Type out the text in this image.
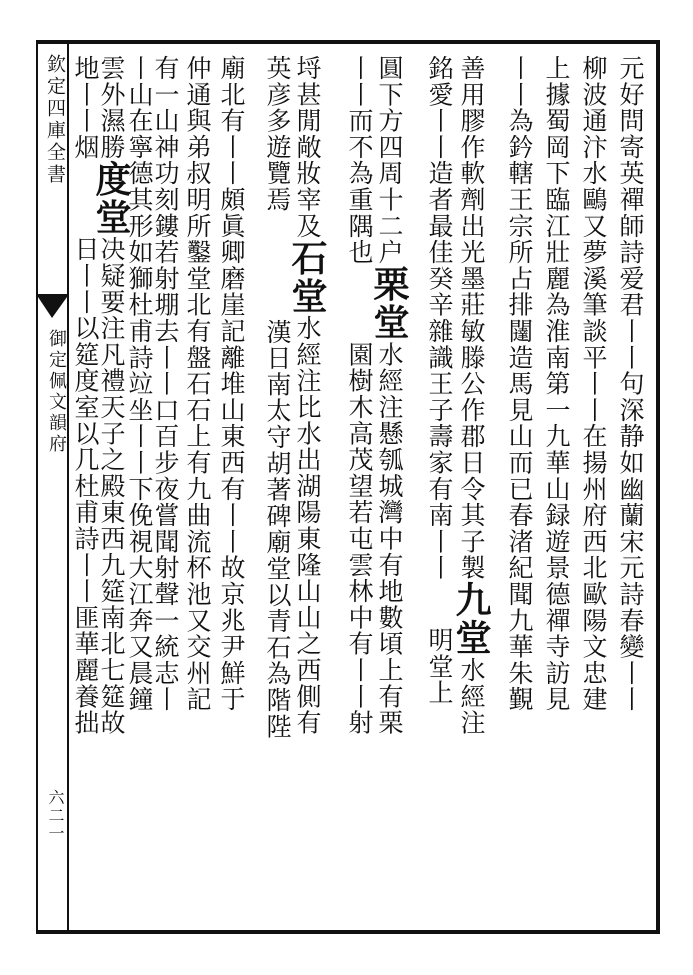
欽定四庫全書
御定佩文韻府
六二一
元好問寄英禪師詩爱君丨丨句深静如幽蘭宋元詩春變丨丨
柳波通汴水鷗又夢溪筆談平丨丨在揚州府西北歐陽文忠建
上據蜀岡下臨江壯麗為淮南第一九華山録遊景德禪寺訪見
丨丨為鈐轄王宗所占排闥造馬見山而已春渚紀聞九華朱覲
善用膠作軟劑出光墨莊敏滕公作郡日令其子製九堂水經注
銘愛丨丨造者最佳癸辛雜識王子壽家有南丨丨明堂上
圓下方四周十二户栗堂水經注懸瓠城灣中有地數頃上有栗
丨丨而不為重隅也園樹木高茂望若屯雲林中有丨丨射
埒甚閒敞妝宰及石堂水經注比水出湖陽東隆山山之西側有
英彦多遊覽焉漢日南太守胡著碑廟堂以青石為階陛
廟北有丨丨頗眞卿磨崖記離堆山東西有丨丨故京兆尹鮮于
仲通與弟叔明所鑿堂北有盤石石上有九曲流杯池又交州記
有一山神功刻鏤若射堋去丨丨口百步夜嘗聞射聲一統志丨
丨山在寧德其形如獅杜甫詩竝坐丨丨下俛視大江奔又晨鐘
雲外濕勝度堂决疑要注凡禮天子之殿東西九筵南北七筵故
地丨丨烟日丨丨以筵度室以几杜甫詩丨丨匪華麗養拙
